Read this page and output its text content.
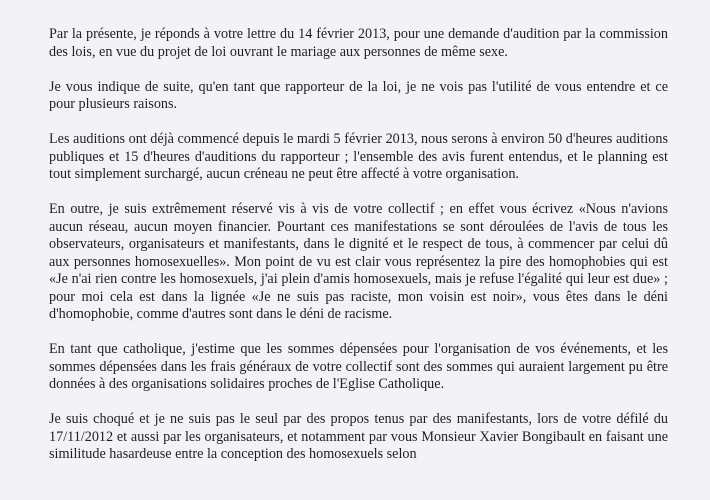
Par la présente, je réponds à votre lettre du 14 février 2013, pour une demande d'audition par la commission des lois, en vue du projet de loi ouvrant le mariage aux personnes de même sexe.

Je vous indique de suite, qu'en tant que rapporteur de la loi, je ne vois pas l'utilité de vous entendre et ce pour plusieurs raisons.

Les auditions ont déjà commencé depuis le mardi 5 février 2013, nous serons à environ 50 d'heures auditions publiques et 15 d'heures d'auditions du rapporteur ; l'ensemble des avis furent entendus, et le planning est tout simplement surchargé, aucun créneau ne peut être affecté à votre organisation.

En outre, je suis extrêmement réservé vis à vis de votre collectif ; en effet vous écrivez «Nous n'avions aucun réseau, aucun moyen financier. Pourtant ces manifestations se sont déroulées de l'avis de tous les observateurs, organisateurs et manifestants, dans le dignité et le respect de tous, à commencer par celui dû aux personnes homosexuelles». Mon point de vu est clair vous représentez la pire des homophobies qui est «Je n'ai rien contre les homosexuels, j'ai plein d'amis homosexuels, mais je refuse l'égalité qui leur est due» ; pour moi cela est dans la lignée «Je ne suis pas raciste, mon voisin est noir», vous êtes dans le déni d'homophobie, comme d'autres sont dans le déni de racisme.

En tant que catholique, j'estime que les sommes dépensées pour l'organisation de vos événements, et les sommes dépensées dans les frais généraux de votre collectif sont des sommes qui auraient largement pu être données à des organisations solidaires proches de l'Eglise Catholique.

Je suis choqué et je ne suis pas le seul par des propos tenus par des manifestants, lors de votre défilé du 17/11/2012 et aussi par les organisateurs, et notamment par vous Monsieur Xavier Bongibault en faisant une similitude hasardeuse entre la conception des homosexuels selon
